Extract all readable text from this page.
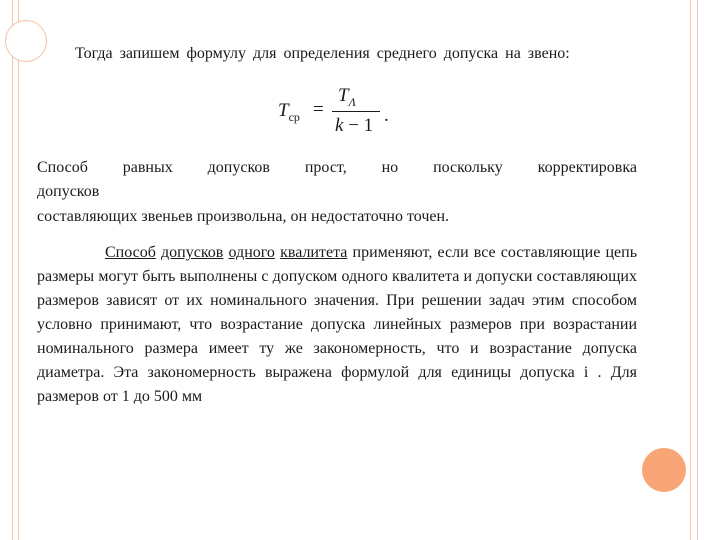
Тогда запишем формулу для определения среднего допуска на звено:
$T_{ср}$ =
$T_\Lambda$
k − 1 .
Способ равных допусков прост, но поскольку корректировка допусков
составляющих звеньев произвольна, он недостаточно точен.
Способ допусков одного квалитета применяют, если все составляющие цепь размеры могут быть выполнены с допуском одного квалитета и допуски составляющих размеров зависят от их номинального значения. При решении задач этим способом условно принимают, что возрастание допуска линейных размеров при возрастании номинального размера имеет ту же закономерность, что и возрастание допуска диаметра. Эта закономерность выражена формулой для единицы допуска i . Для размеров от 1 до 500 мм
